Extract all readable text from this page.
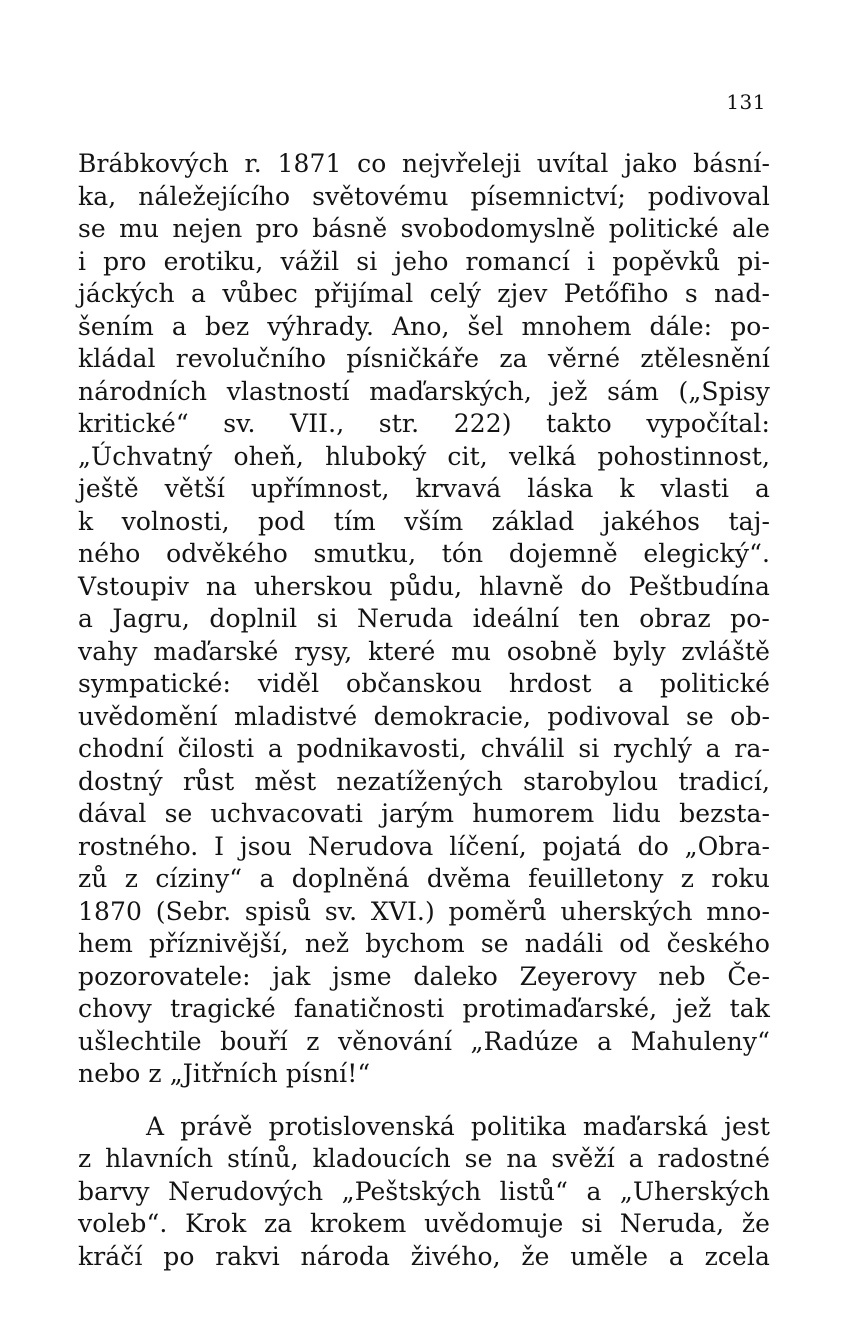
131
Brábkových r. 1871 co nejvřeleji uvítal jako básní-
ka, náležejícího světovému písemnictví; podivoval
se mu nejen pro básně svobodomyslně politické ale
i pro erotiku, vážil si jeho romancí i popěvků pi-
jáckých a vůbec přijímal celý zjev Petőfiho s nad-
šením a bez výhrady. Ano, šel mnohem dále: po-
kládal revolučního písničkáře za věrné ztělesnění
národních vlastností maďarských, jež sám („Spisy
kritické“ sv. VII., str. 222) takto vypočítal:
„Úchvatný oheň, hluboký cit, velká pohostinnost,
ještě větší upřímnost, krvavá láska k vlasti a
k volnosti, pod tím vším základ jakéhos taj-
ného odvěkého smutku, tón dojemně elegický“.
Vstoupiv na uherskou půdu, hlavně do Peštbudína
a Jagru, doplnil si Neruda ideální ten obraz po-
vahy maďarské rysy, které mu osobně byly zvláště
sympatické: viděl občanskou hrdost a politické
uvědomění mladistvé demokracie, podivoval se ob-
chodní čilosti a podnikavosti, chválil si rychlý a ra-
dostný růst měst nezatížených starobylou tradicí,
dával se uchvacovati jarým humorem lidu bezsta-
rostného. I jsou Nerudova líčení, pojatá do „Obra-
zů z cíziny“ a doplněná dvěma feuilletony z roku
1870 (Sebr. spisů sv. XVI.) poměrů uherských mno-
hem příznivější, než bychom se nadáli od českého
pozorovatele: jak jsme daleko Zeyerovy neb Če-
chovy tragické fanatičnosti protimaďarské, jež tak
ušlechtile bouří z věnování „Radúze a Mahuleny“
nebo z „Jitřních písní!“
A právě protislovenská politika maďarská jest
z hlavních stínů, kladoucích se na svěží a radostné
barvy Nerudových „Peštských listů“ a „Uherských
voleb“. Krok za krokem uvědomuje si Neruda, že
kráčí po rakvi národa živého, že uměle a zcela
